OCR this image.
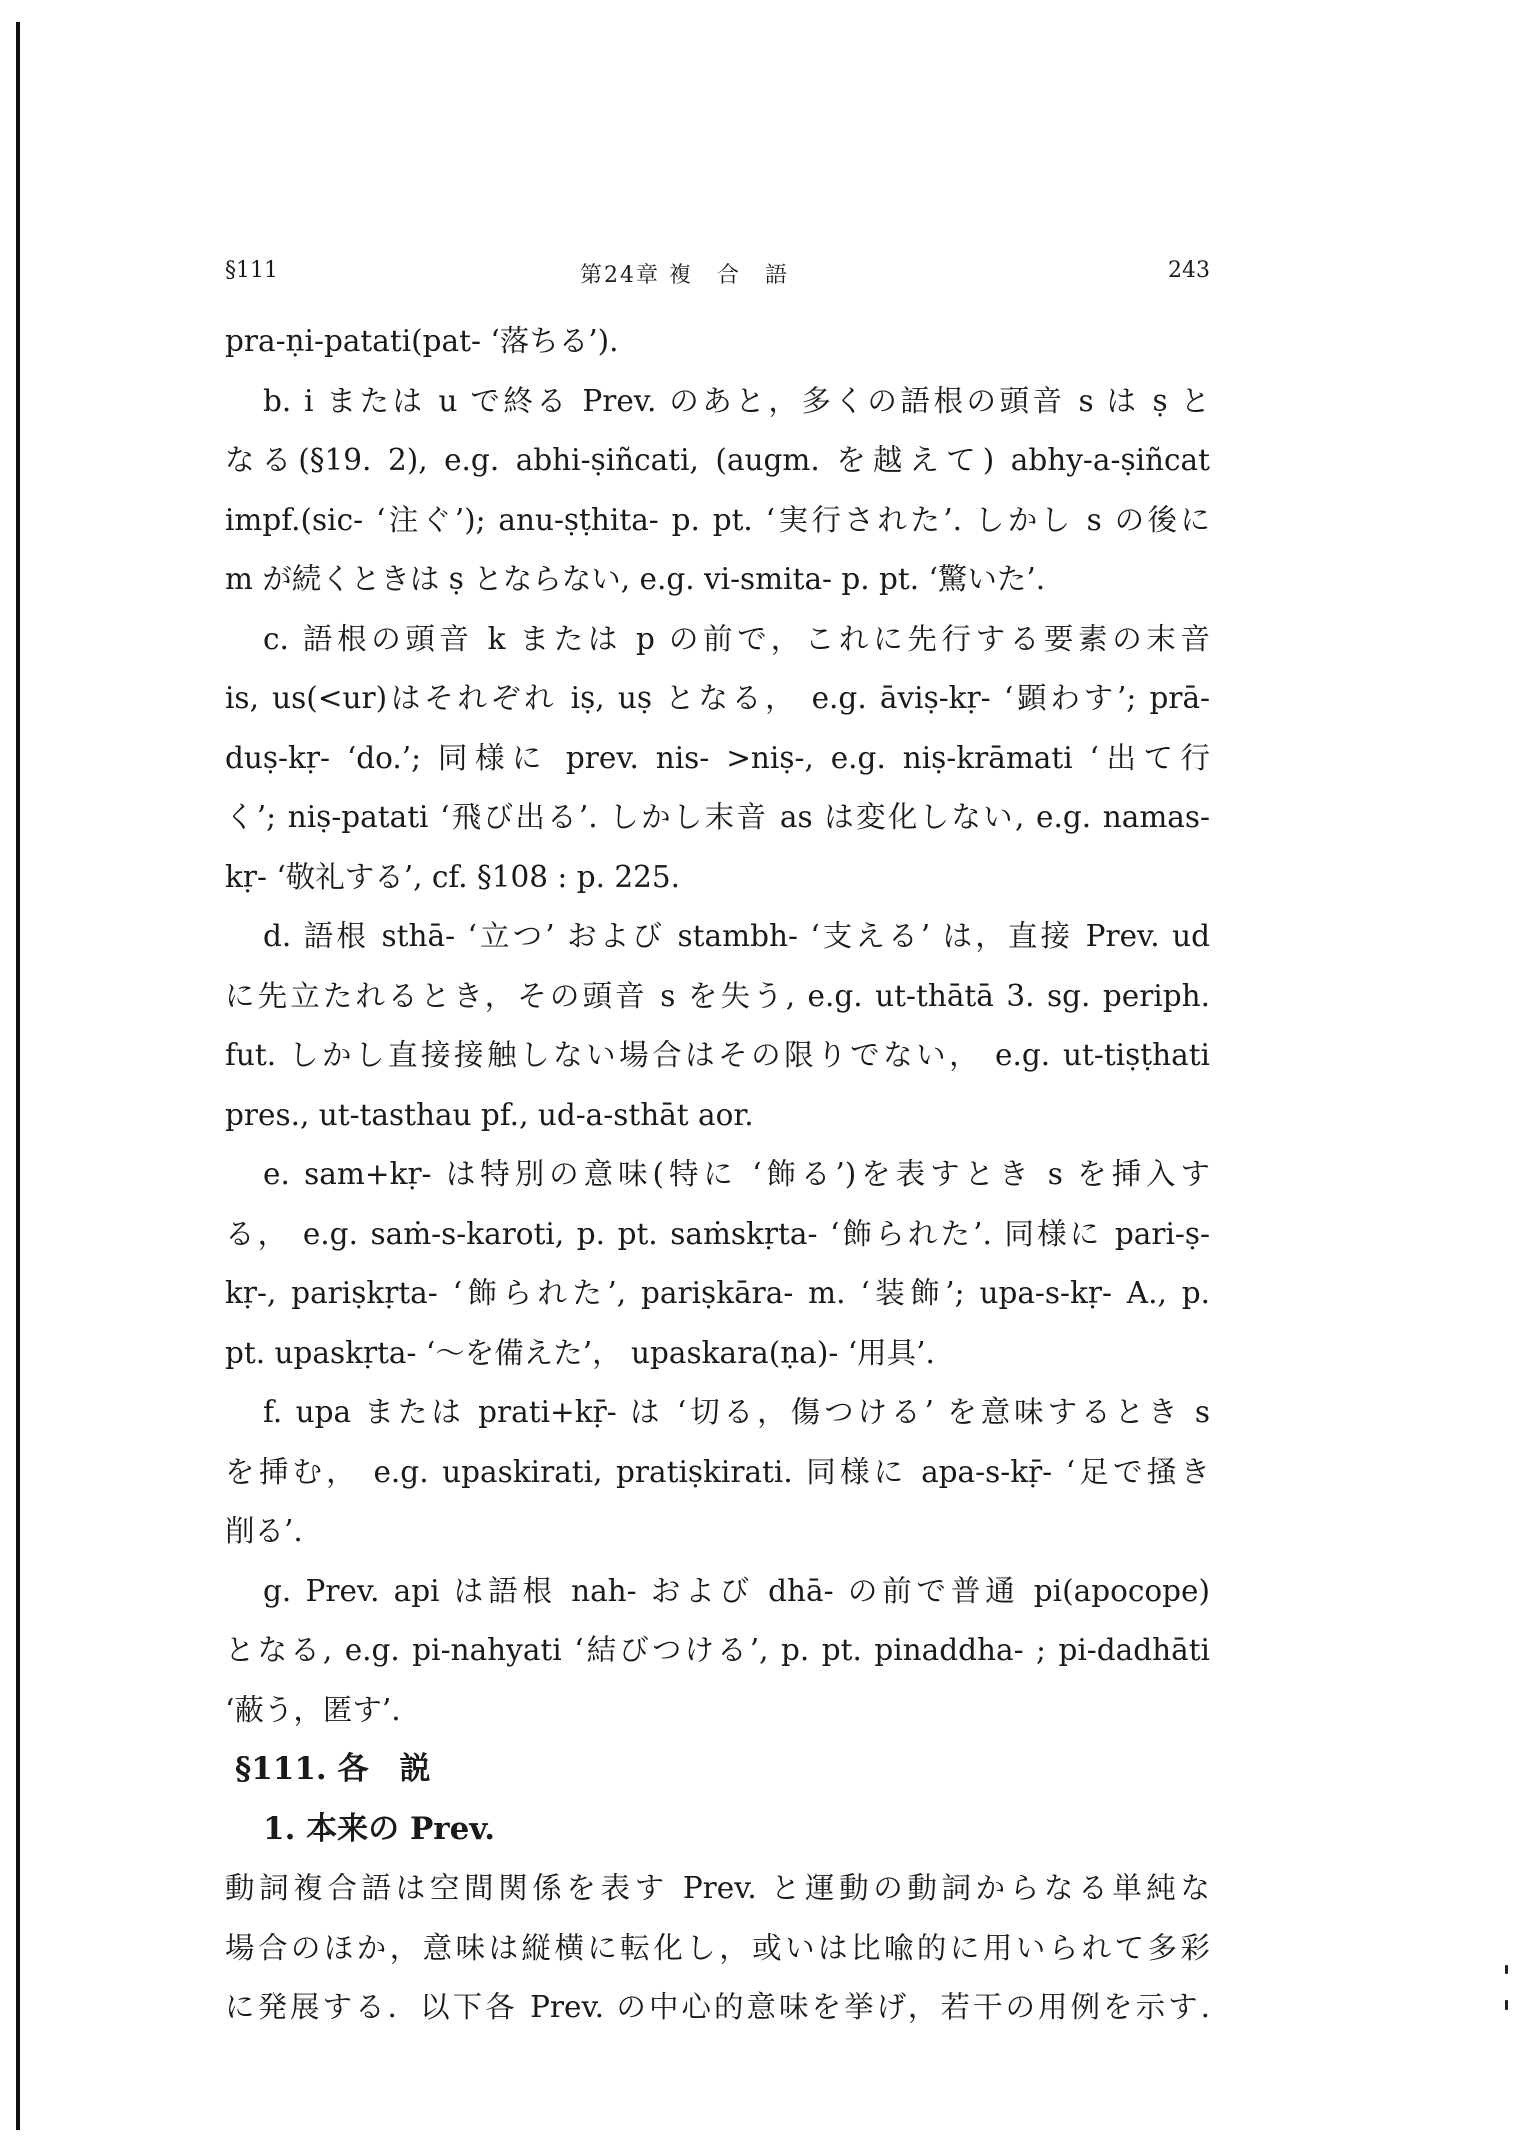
§111	第24章 複　合　語	243
pra-ṇi-patati(pat- ‘落ちる’).
b. i または u で終る Prev. のあと，多くの語根の頭音 s は ṣ と
なる(§19. 2), e.g. abhi-ṣiñcati, (augm. を越えて) abhy-a-ṣiñcat
impf.(sic- ‘注ぐ’); anu-ṣṭhita- p. pt. ‘実行された’. しかし s の後に
m が続くときは ṣ とならない, e.g. vi-smita- p. pt. ‘驚いた’.
c. 語根の頭音 k または p の前で，これに先行する要素の末音
is, us(<ur)はそれぞれ iṣ, uṣ となる， e.g. āviṣ-kṛ- ‘顕わす’; prā-
duṣ-kṛ- ‘do.’; 同様に prev. nis- >niṣ-, e.g. niṣ-krāmati ‘出て行
く’; niṣ-patati ‘飛び出る’. しかし末音 as は変化しない, e.g. namas-
kṛ- ‘敬礼する’, cf. §108 : p. 225.
d. 語根 sthā- ‘立つ’ および stambh- ‘支える’ は，直接 Prev. ud
に先立たれるとき，その頭音 s を失う, e.g. ut-thātā 3. sg. periph.
fut. しかし直接接触しない場合はその限りでない， e.g. ut-tiṣṭhati
pres., ut-tasthau pf., ud-a-sthāt aor.
e. sam+kṛ- は特別の意味(特に ‘飾る’)を表すとき s を挿入す
る， e.g. saṁ-s-karoti, p. pt. saṁskṛta- ‘飾られた’. 同様に pari-ṣ-
kṛ-, pariṣkṛta- ‘飾られた’, pariṣkāra- m. ‘装飾’; upa-s-kṛ- A., p.
pt. upaskṛta- ‘～を備えた’， upaskara(ṇa)- ‘用具’.
f. upa または prati+kṝ- は ‘切る，傷つける’ を意味するとき s
を挿む， e.g. upaskirati, pratiṣkirati. 同様に apa-s-kṝ- ‘足で掻き
削る’.
g. Prev. api は語根 nah- および dhā- の前で普通 pi(apocope)
となる, e.g. pi-nahyati ‘結びつける’, p. pt. pinaddha- ; pi-dadhāti
‘蔽う，匿す’.
§111. 各　説
1. 本来の Prev.
動詞複合語は空間関係を表す Prev. と運動の動詞からなる単純な
場合のほか，意味は縦横に転化し，或いは比喩的に用いられて多彩
に発展する．以下各 Prev. の中心的意味を挙げ，若干の用例を示す.
